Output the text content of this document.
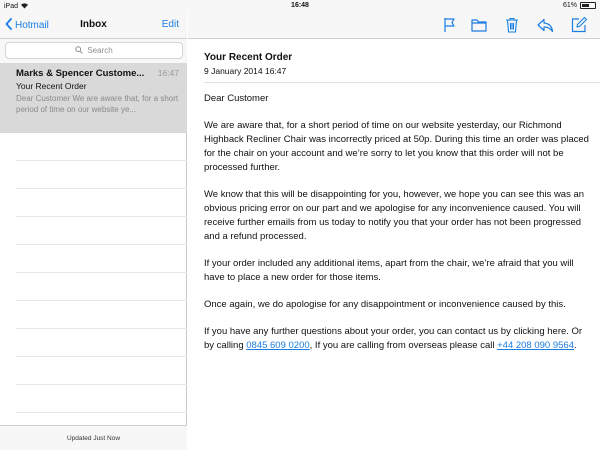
iPad	16:48	61%
Hotmail	Inbox	Edit
Search
Marks & Spencer Custome...	16:47
Your Recent Order
Dear Customer We are aware that, for a short period of time on our website ye...
Updated Just Now
Your Recent Order
9 January 2014 16:47

Dear Customer

We are aware that, for a short period of time on our website yesterday, our Richmond Highback Recliner Chair was incorrectly priced at 50p. During this time an order was placed for the chair on your account and we’re sorry to let you know that this order will not be processed further.

We know that this will be disappointing for you, however, we hope you can see this was an obvious pricing error on our part and we apologise for any inconvenience caused. You will receive further emails from us today to notify you that your order has not been progressed and a refund processed.

If your order included any additional items, apart from the chair, we’re afraid that you will have to place a new order for those items.

Once again, we do apologise for any disappointment or inconvenience caused by this.

If you have any further questions about your order, you can contact us by clicking here. Or by calling 0845 609 0200, If you are calling from overseas please call +44 208 090 9564.
